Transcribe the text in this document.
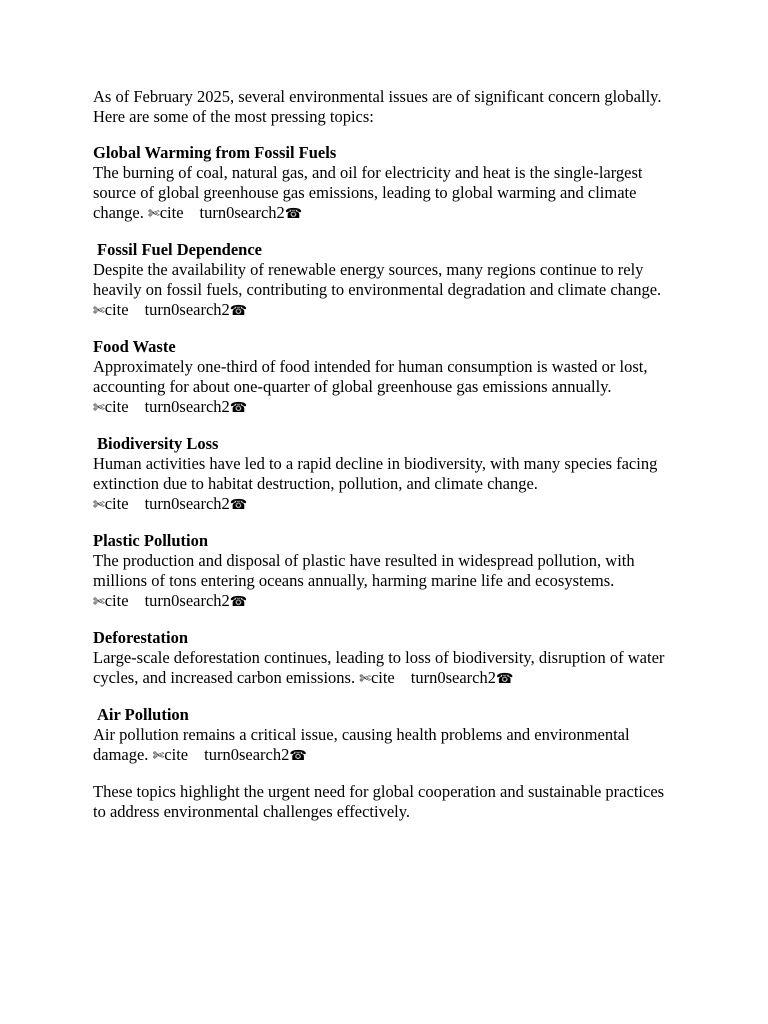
As of February 2025, several environmental issues are of significant concern globally. Here are some of the most pressing topics:

Global Warming from Fossil Fuels

The burning of coal, natural gas, and oil for electricity and heat is the single-largest source of global greenhouse gas emissions, leading to global warming and climate change. ✄cite turn0search2☎

Fossil Fuel Dependence

Despite the availability of renewable energy sources, many regions continue to rely heavily on fossil fuels, contributing to environmental degradation and climate change. ✄cite turn0search2☎

Food Waste

Approximately one-third of food intended for human consumption is wasted or lost, accounting for about one-quarter of global greenhouse gas emissions annually. ✄cite turn0search2☎

Biodiversity Loss

Human activities have led to a rapid decline in biodiversity, with many species facing extinction due to habitat destruction, pollution, and climate change. ✄cite turn0search2☎

Plastic Pollution

The production and disposal of plastic have resulted in widespread pollution, with millions of tons entering oceans annually, harming marine life and ecosystems. ✄cite turn0search2☎

Deforestation

Large-scale deforestation continues, leading to loss of biodiversity, disruption of water cycles, and increased carbon emissions. ✄cite turn0search2☎

Air Pollution

Air pollution remains a critical issue, causing health problems and environmental damage. ✄cite turn0search2☎

These topics highlight the urgent need for global cooperation and sustainable practices to address environmental challenges effectively.
